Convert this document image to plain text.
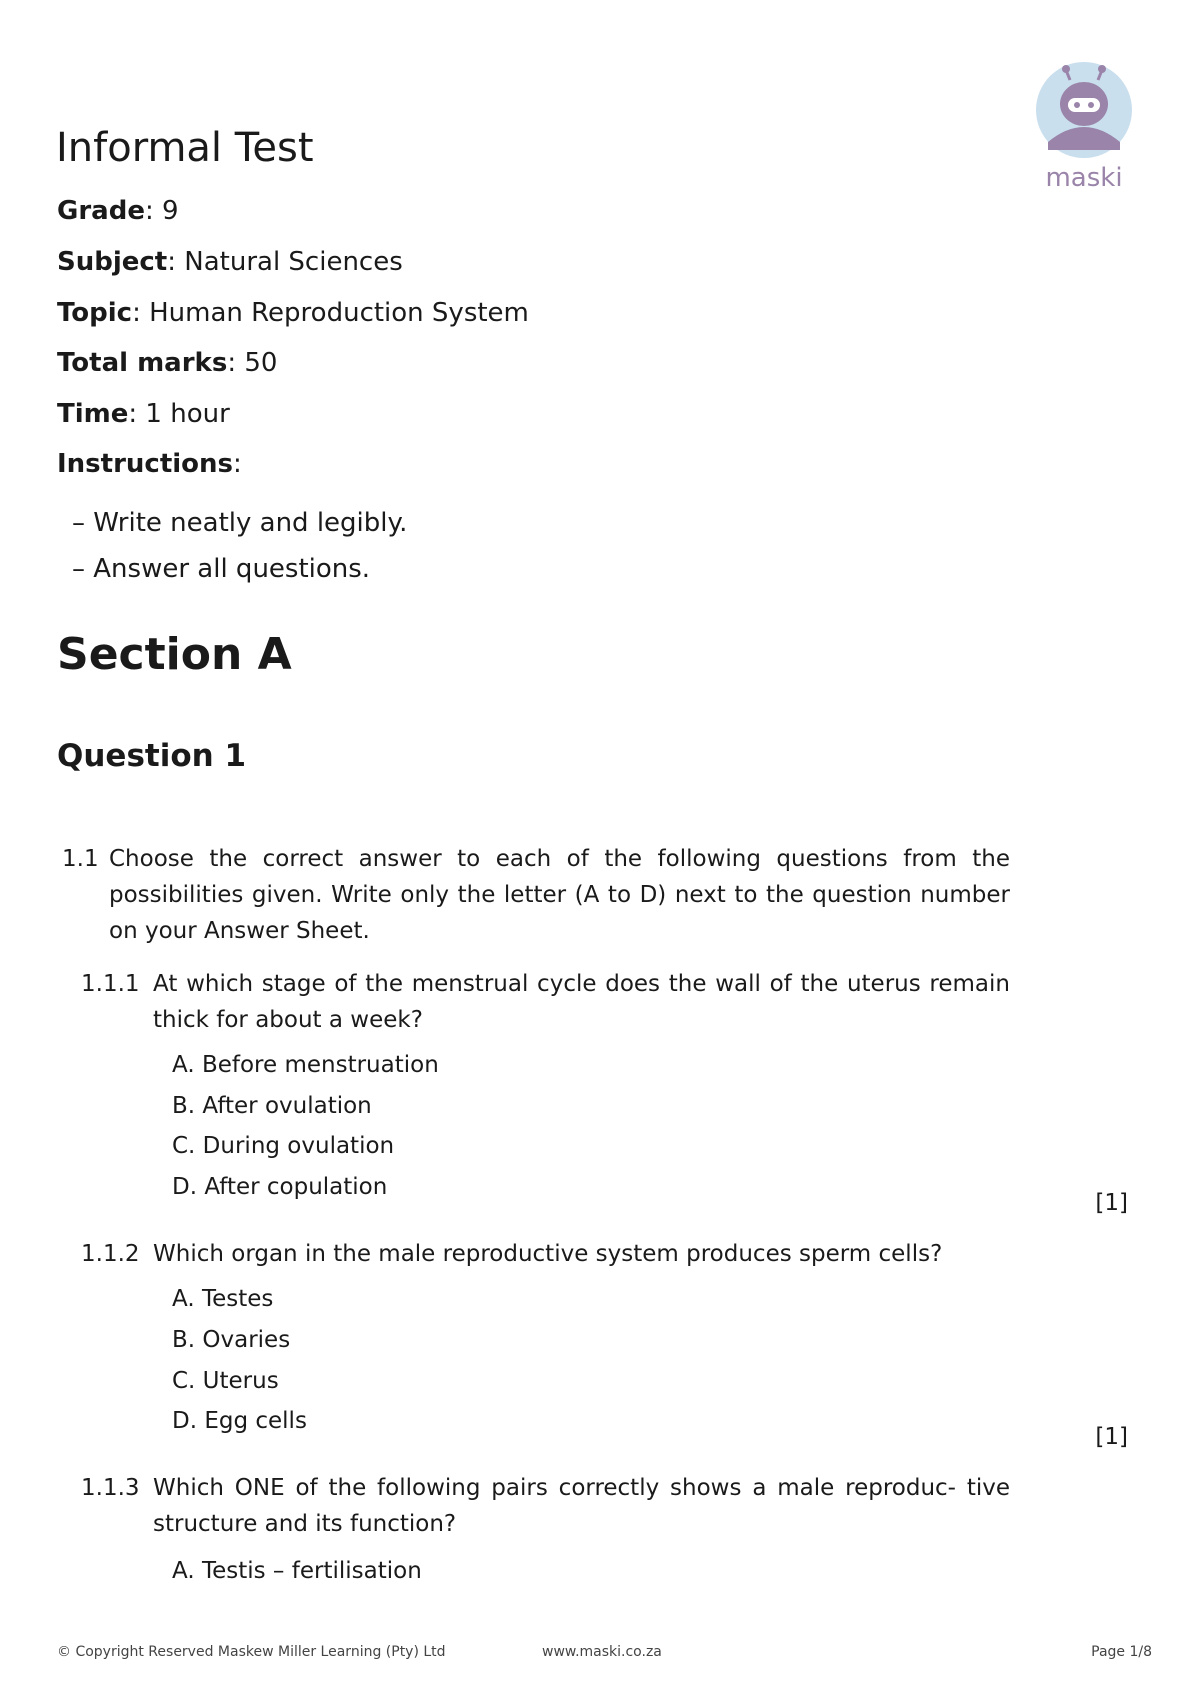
Informal Test
maski
Grade: 9
Subject: Natural Sciences
Topic: Human Reproduction System
Total marks: 50
Time: 1 hour
Instructions:
– Write neatly and legibly.
– Answer all questions.
Section A
Question 1
1.1 Choose the correct answer to each of the following questions from the possibilities given. Write only the letter (A to D) next to the question number on your Answer Sheet.
1.1.1 At which stage of the menstrual cycle does the wall of the uterus remain thick for about a week?
A. Before menstruation
B. After ovulation
C. During ovulation
D. After copulation
[1]
1.1.2 Which organ in the male reproductive system produces sperm cells?
A. Testes
B. Ovaries
C. Uterus
D. Egg cells
[1]
1.1.3 Which ONE of the following pairs correctly shows a male reproduc- tive structure and its function?
A. Testis – fertilisation
© Copyright Reserved Maskew Miller Learning (Pty) Ltd	www.maski.co.za	Page 1/8
